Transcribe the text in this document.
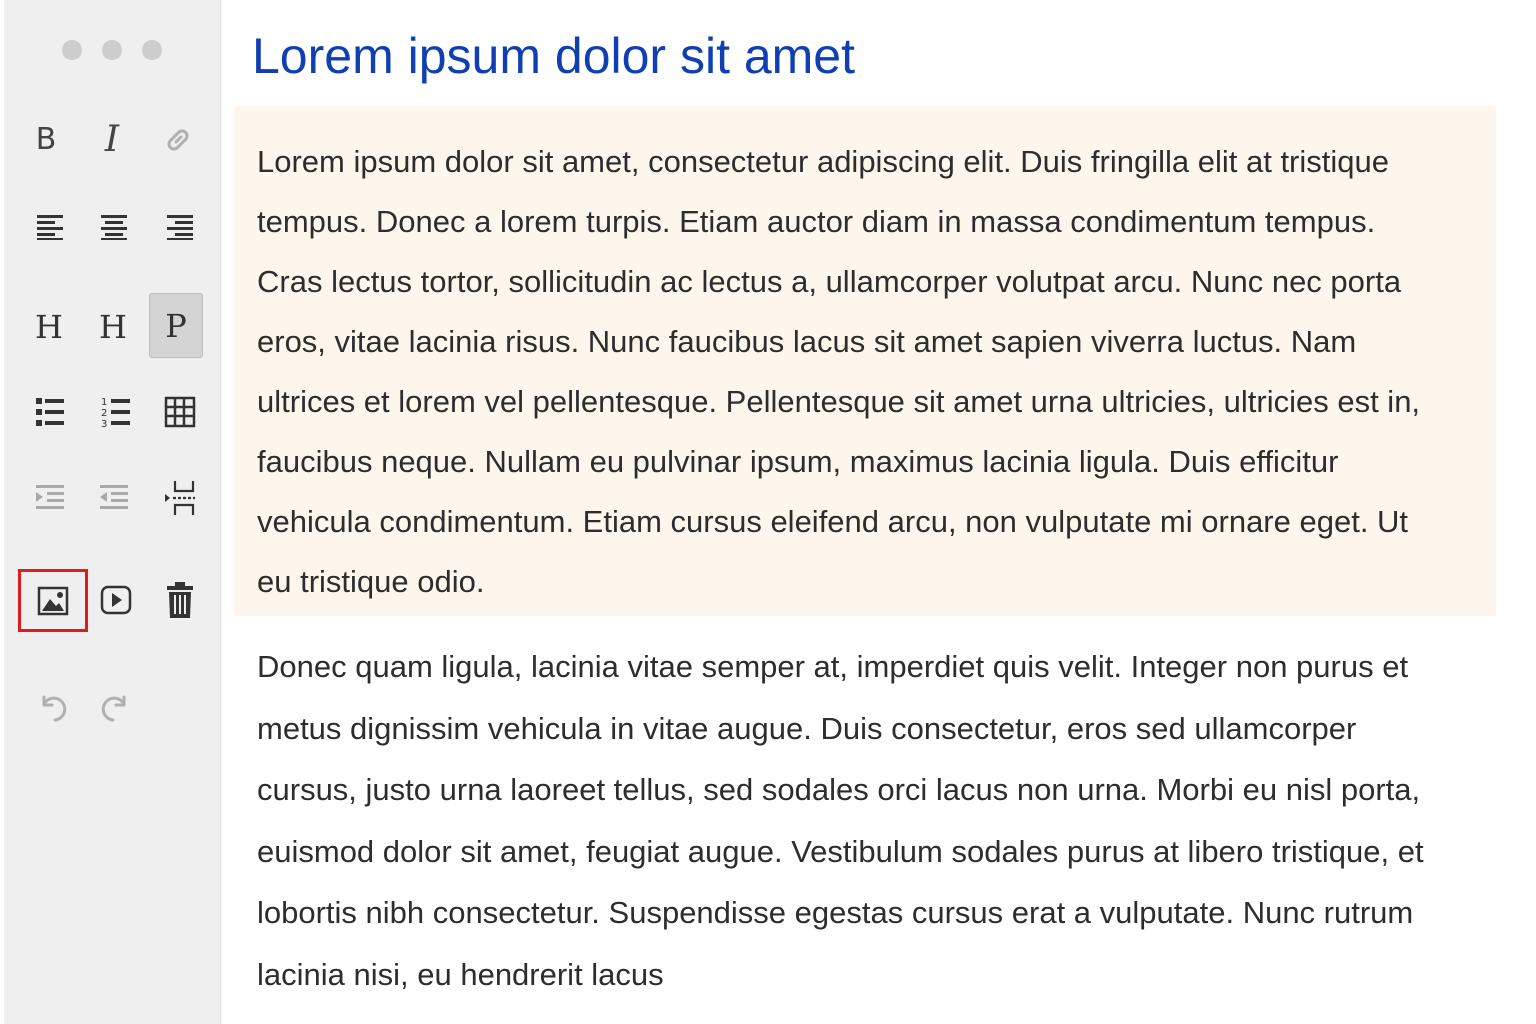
B I
H H P
1
2
3
Lorem ipsum dolor sit amet

Lorem ipsum dolor sit amet, consectetur adipiscing elit. Duis fringilla elit at tristique tempus. Donec a lorem turpis. Etiam auctor diam in massa condimentum tempus. Cras lectus tortor, sollicitudin ac lectus a, ullamcorper volutpat arcu. Nunc nec porta eros, vitae lacinia risus. Nunc faucibus lacus sit amet sapien viverra luctus. Nam ultrices et lorem vel pellentesque. Pellentesque sit amet urna ultricies, ultricies est in, faucibus neque. Nullam eu pulvinar ipsum, maximus lacinia ligula. Duis efficitur vehicula condimentum. Etiam cursus eleifend arcu, non vulputate mi ornare eget. Ut eu tristique odio.

Donec quam ligula, lacinia vitae semper at, imperdiet quis velit. Integer non purus et metus dignissim vehicula in vitae augue. Duis consectetur, eros sed ullamcorper cursus, justo urna laoreet tellus, sed sodales orci lacus non urna. Morbi eu nisl porta, euismod dolor sit amet, feugiat augue. Vestibulum sodales purus at libero tristique, et lobortis nibh consectetur. Suspendisse egestas cursus erat a vulputate. Nunc rutrum lacinia nisi, eu hendrerit lacus
